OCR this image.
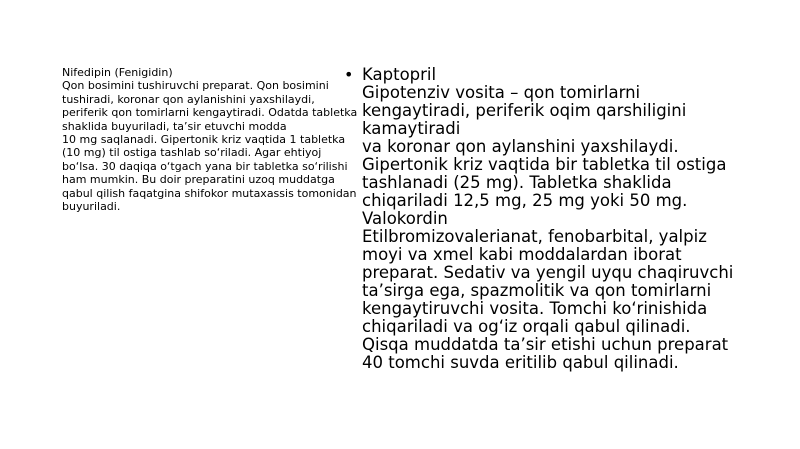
Nifedipin (Fenigidin)

Qon bosimini tushiruvchi preparat. Qon bosimini

tushiradi, koronar qon aylanishini yaxshilaydi,

periferik qon tomirlarni kengaytiradi. Odatda tabletka

shaklida buyuriladi, ta’sir etuvchi modda

10 mg saqlanadi. Gipertonik kriz vaqtida 1 tabletka

(10 mg) til ostiga tashlab so‘riladi. Agar ehtiyoj

bo‘lsa. 30 daqiqa o‘tgach yana bir tabletka so‘rilishi

ham mumkin. Bu doir preparatini uzoq muddatga

qabul qilish faqatgina shifokor mutaxassis tomonidan

buyuriladi.

• Kaptopril

Gipotenziv vosita – qon tomirlarni

kengaytiradi, periferik oqim qarshiligini

kamaytiradi

va koronar qon aylanshini yaxshilaydi.

Gipertonik kriz vaqtida bir tabletka til ostiga

tashlanadi (25 mg). Tabletka shaklida

chiqariladi 12,5 mg, 25 mg yoki 50 mg.

Valokordin

Etilbromizovalerianat, fenobarbital, yalpiz

moyi va xmel kabi moddalardan iborat

preparat. Sedativ va yengil uyqu chaqiruvchi

ta’sirga ega, spazmolitik va qon tomirlarni

kengaytiruvchi vosita. Tomchi ko‘rinishida

chiqariladi va og‘iz orqali qabul qilinadi.

Qisqa muddatda ta’sir etishi uchun preparat

40 tomchi suvda eritilib qabul qilinadi.
